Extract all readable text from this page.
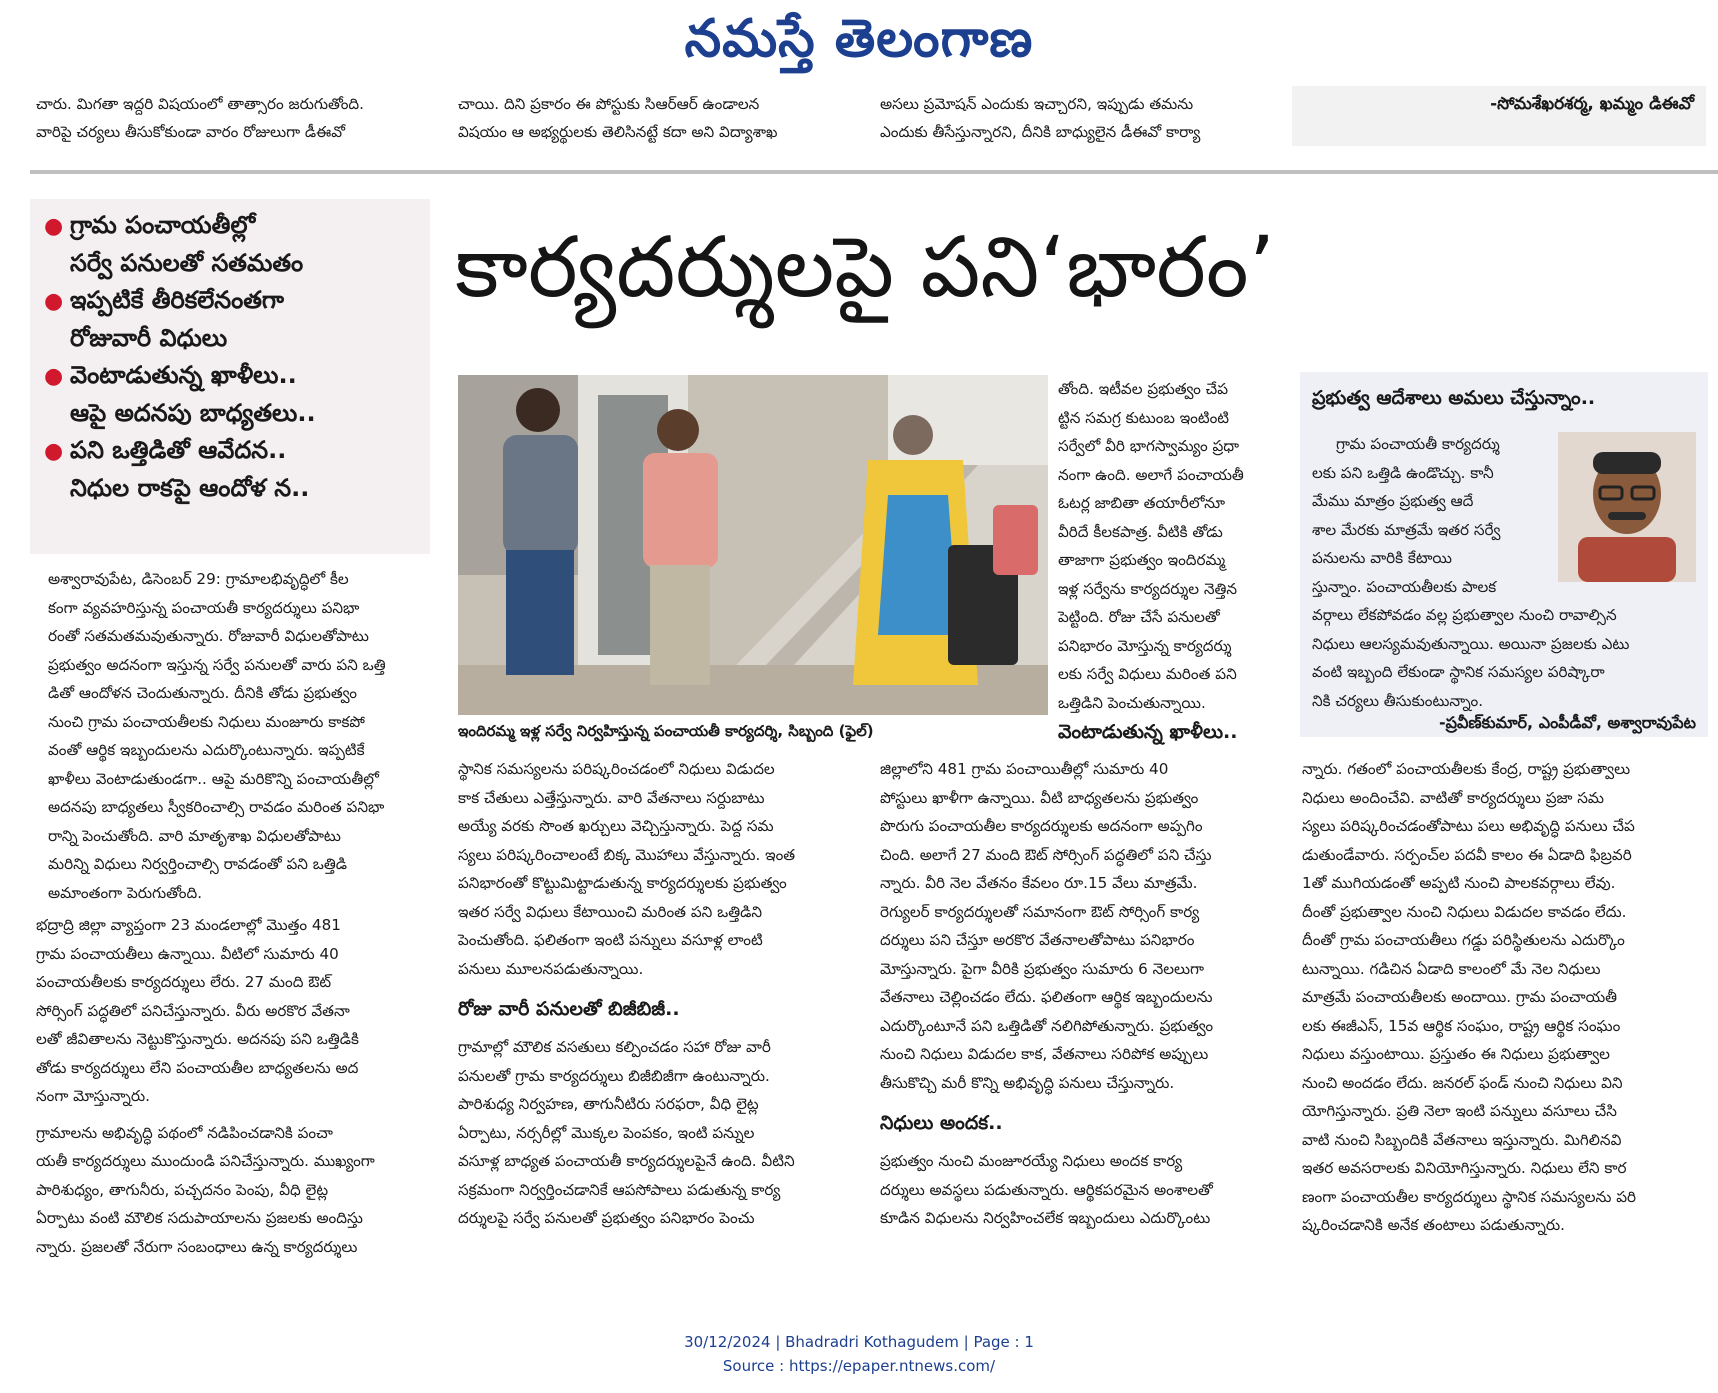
నమస్తే తెలంగాణ
చారు. మిగతా ఇద్దరి విషయంలో తాత్సారం జరుగుతోంది.
వారిపై చర్యలు తీసుకోకుండా వారం రోజులుగా డీఈవో
చాయి. దిని ప్రకారం ఈ పోస్టుకు సిఆర్ఆర్ ఉండాలన
విషయం ఆ అభ్యర్థులకు తెలిసినట్టే కదా అని విద్యాశాఖ
అసలు ప్రమోషన్ ఎందుకు ఇచ్చారని, ఇప్పుడు తమను
ఎందుకు తీసేస్తున్నారని, దీనికి బాధ్యులైన డీఈవో కార్యా
-సోమశేఖరశర్మ, ఖమ్మం డిఈవో
● గ్రామ పంచాయతీల్లో
సర్వే పనులతో సతమతం
● ఇప్పటికే తీరికలేనంతగా
రోజువారీ విధులు
● వెంటాడుతున్న ఖాళీలు..
ఆపై అదనపు బాధ్యతలు..
● పని ఒత్తిడితో ఆవేదన..
నిధుల రాకపై ఆందోళ న..
కార్యదర్శులపై పని‘భారం’
ఇందిరమ్మ ఇళ్ల సర్వే నిర్వహిస్తున్న పంచాయతీ కార్యదర్శి, సిబ్బంది (ఫైల్)
అశ్వారావుపేట, డిసెంబర్ 29: గ్రామాలభివృద్ధిలో కీల
కంగా వ్యవహరిస్తున్న పంచాయతీ కార్యదర్శులు పనిభా
రంతో సతమతమవుతున్నారు. రోజువారీ విధులతోపాటు
ప్రభుత్వం అదనంగా ఇస్తున్న సర్వే పనులతో వారు పని ఒత్తి
డితో ఆందోళన చెందుతున్నారు. దీనికి తోడు ప్రభుత్వం
నుంచి గ్రామ పంచాయతీలకు నిధులు మంజూరు కాకపో
వంతో ఆర్థిక ఇబ్బందులను ఎదుర్కొంటున్నారు. ఇప్పటికే
ఖాళీలు వెంటాడుతుండగా.. ఆపై మరికొన్ని పంచాయతీల్లో
అదనపు బాధ్యతలు స్వీకరించాల్సి రావడం మరింత పనిభా
రాన్ని పెంచుతోంది. వారి మాతృశాఖ విధులతోపాటు
మరిన్ని విధులు నిర్వర్తించాల్సి రావడంతో పని ఒత్తిడి
అమాంతంగా పెరుగుతోంది.
భద్రాద్రి జిల్లా వ్యాప్తంగా 23 మండలాల్లో మొత్తం 481
గ్రామ పంచాయతీలు ఉన్నాయి. వీటిలో సుమారు 40
పంచాయతీలకు కార్యదర్శులు లేరు. 27 మంది ఔట్
సోర్సింగ్ పద్ధతిలో పనిచేస్తున్నారు. వీరు అరకొర వేతనా
లతో జీవితాలను నెట్టుకొస్తున్నారు. అదనపు పని ఒత్తిడికి
తోడు కార్యదర్శులు లేని పంచాయతీల బాధ్యతలను అద
నంగా మోస్తున్నారు.
గ్రామాలను అభివృద్ధి పథంలో నడిపించడానికి పంచా
యతీ కార్యదర్శులు ముందుండి పనిచేస్తున్నారు. ముఖ్యంగా
పారిశుధ్యం, తాగునీరు, పచ్చదనం పెంపు, వీధి లైట్ల
ఏర్పాటు వంటి మౌలిక సదుపాయాలను ప్రజలకు అందిస్తు
న్నారు. ప్రజలతో నేరుగా సంబంధాలు ఉన్న కార్యదర్శులు
స్థానిక సమస్యలను పరిష్కరించడంలో నిధులు విడుదల
కాక చేతులు ఎత్తేస్తున్నారు. వారి వేతనాలు సర్దుబాటు
అయ్యే వరకు సొంత ఖర్చులు వెచ్చిస్తున్నారు. పెద్ద సమ
స్యలు పరిష్కరించాలంటే బిక్క మొహాలు వేస్తున్నారు. ఇంత
పనిభారంతో కొట్టుమిట్టాడుతున్న కార్యదర్శులకు ప్రభుత్వం
ఇతర సర్వే విధులు కేటాయించి మరింత పని ఒత్తిడిని
పెంచుతోంది. ఫలితంగా ఇంటి పన్నులు వసూళ్ల లాంటి
పనులు మూలనపడుతున్నాయి.
రోజు వారీ పనులతో బిజీబిజీ..
గ్రామాల్లో మౌలిక వసతులు కల్పించడం సహా రోజు వారీ
పనులతో గ్రామ కార్యదర్శులు బిజీబిజీగా ఉంటున్నారు.
పారిశుధ్య నిర్వహణ, తాగునీటిరు సరఫరా, వీధి లైట్ల
ఏర్పాటు, నర్సరీల్లో మొక్కల పెంపకం, ఇంటి పన్నుల
వసూళ్ల బాధ్యత పంచాయతీ కార్యదర్శులపైనే ఉంది. వీటిని
సక్రమంగా నిర్వర్తించడానికే ఆపసోపాలు పడుతున్న కార్య
దర్శులపై సర్వే పనులతో ప్రభుత్వం పనిభారం పెంచు
తోంది. ఇటీవల ప్రభుత్వం చేప
ట్టిన సమగ్ర కుటుంబ ఇంటింటి
సర్వేలో వీరి భాగస్వామ్యం ప్రధా
నంగా ఉంది. అలాగే పంచాయతీ
ఓటర్ల జాబితా తయారీలోనూ
వీరిదే కీలకపాత్ర. వీటికి తోడు
తాజాగా ప్రభుత్వం ఇందిరమ్మ
ఇళ్ల సర్వేను కార్యదర్శుల నెత్తిన
పెట్టింది. రోజు చేసే పనులతో
పనిభారం మోస్తున్న కార్యదర్శు
లకు సర్వే విధులు మరింత పని
ఒత్తిడిని పెంచుతున్నాయి.
వెంటాడుతున్న ఖాళీలు..
జిల్లాలోని 481 గ్రామ పంచాయితీల్లో సుమారు 40
పోస్టులు ఖాళీగా ఉన్నాయి. వీటి బాధ్యతలను ప్రభుత్వం
పొరుగు పంచాయతీల కార్యదర్శులకు అదనంగా అప్పగిం
చింది. అలాగే 27 మంది ఔట్ సోర్సింగ్ పద్ధతిలో పని చేస్తు
న్నారు. వీరి నెల వేతనం కేవలం రూ.15 వేలు మాత్రమే.
రెగ్యులర్ కార్యదర్శులతో సమానంగా ఔట్ సోర్సింగ్ కార్య
దర్శులు పని చేస్తూ అరకొర వేతనాలతోపాటు పనిభారం
మోస్తున్నారు. పైగా వీరికి ప్రభుత్వం సుమారు 6 నెలలుగా
వేతనాలు చెల్లించడం లేదు. ఫలితంగా ఆర్థిక ఇబ్బందులను
ఎదుర్కొంటూనే పని ఒత్తిడితో నలిగిపోతున్నారు. ప్రభుత్వం
నుంచి నిధులు విడుదల కాక, వేతనాలు సరిపోక అప్పులు
తీసుకొచ్చి మరీ కొన్ని అభివృద్ధి పనులు చేస్తున్నారు.
నిధులు అందక..
ప్రభుత్వం నుంచి మంజూరయ్యే నిధులు అందక కార్య
దర్శులు అవస్థలు పడుతున్నారు. ఆర్థికపరమైన అంశాలతో
కూడిన విధులను నిర్వహించలేక ఇబ్బందులు ఎదుర్కొంటు
ప్రభుత్వ ఆదేశాలు అమలు చేస్తున్నాం..
గ్రామ పంచాయతీ కార్యదర్శు
లకు పని ఒత్తిడి ఉండొచ్చు. కానీ
మేము మాత్రం ప్రభుత్వ ఆదే
శాల మేరకు మాత్రమే ఇతర సర్వే
పనులను వారికి కేటాయి
స్తున్నాం. పంచాయతీలకు పాలక
వర్గాలు లేకపోవడం వల్ల ప్రభుత్వాల నుంచి రావాల్సిన
నిధులు ఆలస్యమవుతున్నాయి. అయినా ప్రజలకు ఎటు
వంటి ఇబ్బంది లేకుండా స్థానిక సమస్యల పరిష్కారా
నికి చర్యలు తీసుకుంటున్నాం.
-ప్రవీణ్‌కుమార్, ఎంపీడీవో, అశ్వారావుపేట
న్నారు. గతంలో పంచాయతీలకు కేంద్ర, రాష్ట్ర ప్రభుత్వాలు
నిధులు అందించేవి. వాటితో కార్యదర్శులు ప్రజా సమ
స్యలు పరిష్కరించడంతోపాటు పలు అభివృద్ధి పనులు చేప
డుతుండేవారు. సర్పంచ్‌ల పదవీ కాలం ఈ ఏడాది ఫిబ్రవరి
1తో ముగియడంతో అప్పటి నుంచి పాలకవర్గాలు లేవు.
దీంతో ప్రభుత్వాల నుంచి నిధులు విడుదల కావడం లేదు.
దీంతో గ్రామ పంచాయతీలు గడ్డు పరిస్థితులను ఎదుర్కొం
టున్నాయి. గడిచిన ఏడాది కాలంలో మే నెల నిధులు
మాత్రమే పంచాయతీలకు అందాయి. గ్రామ పంచాయతీ
లకు ఈజీఎస్, 15వ ఆర్థిక సంఘం, రాష్ట్ర ఆర్థిక సంఘం
నిధులు వస్తుంటాయి. ప్రస్తుతం ఈ నిధులు ప్రభుత్వాల
నుంచి అందడం లేదు. జనరల్ ఫండ్ నుంచి నిధులు విని
యోగిస్తున్నారు. ప్రతి నెలా ఇంటి పన్నులు వసూలు చేసి
వాటి నుంచి సిబ్బందికి వేతనాలు ఇస్తున్నారు. మిగిలినవి
ఇతర అవసరాలకు వినియోగిస్తున్నారు. నిధులు లేని కార
ణంగా పంచాయతీల కార్యదర్శులు స్థానిక సమస్యలను పరి
ష్కరించడానికి అనేక తంటాలు పడుతున్నారు.
30/12/2024 | Bhadradri Kothagudem | Page : 1
Source : https://epaper.ntnews.com/
